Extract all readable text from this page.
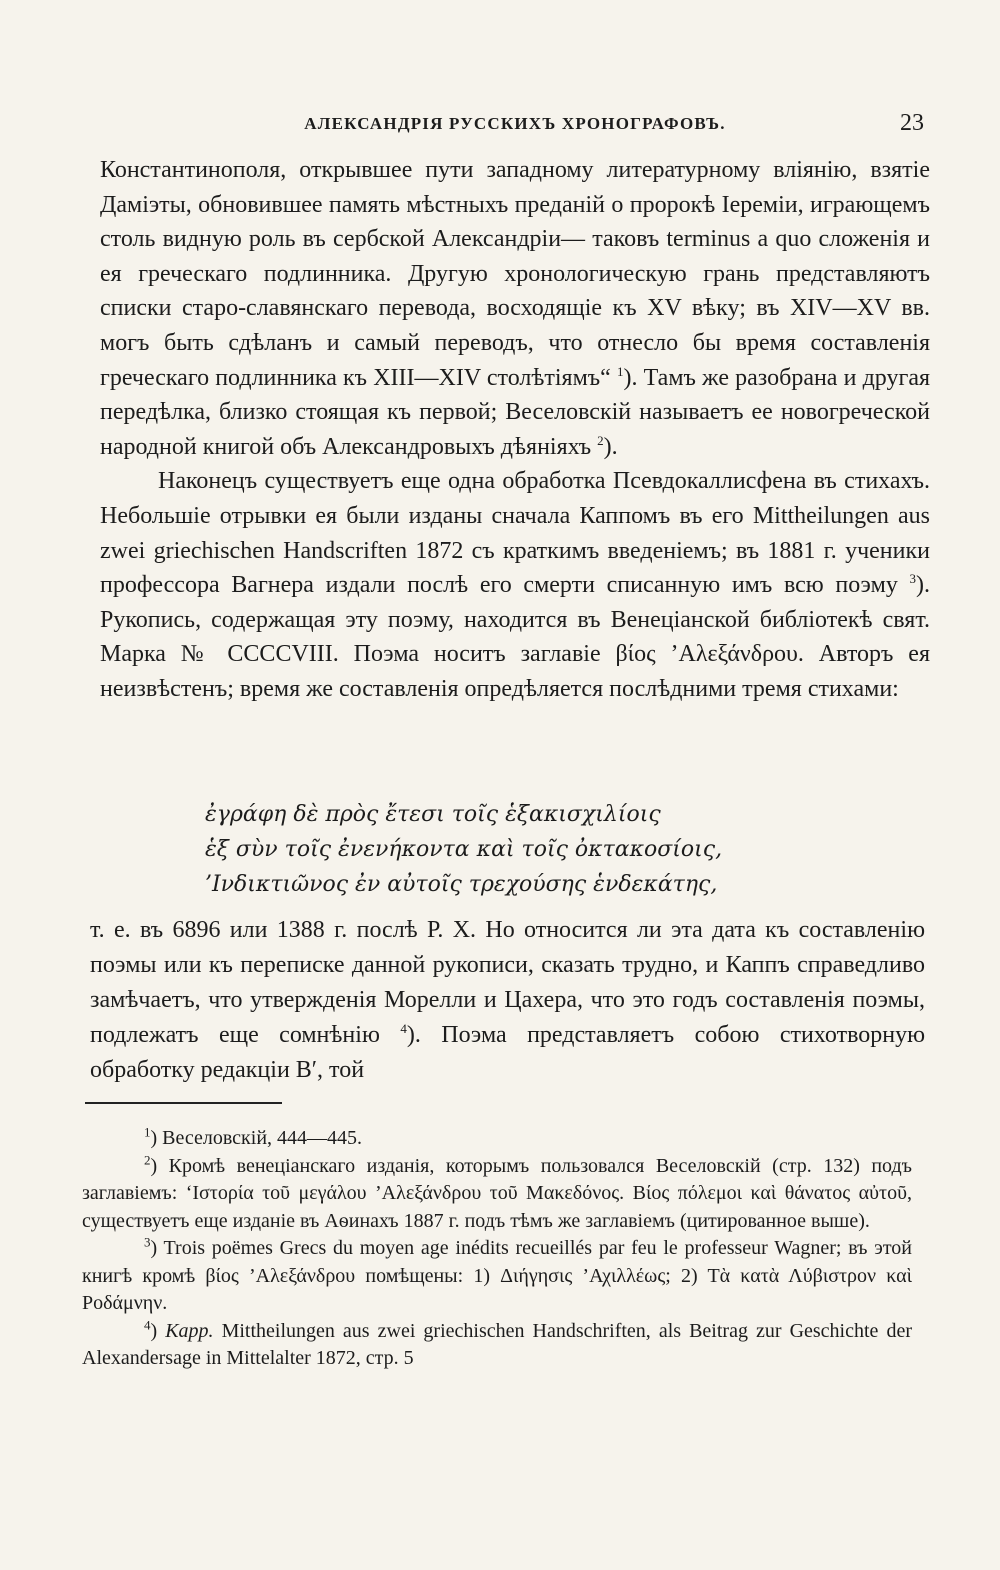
АЛЕКСАНДРІЯ РУССКИХЪ ХРОНОГРАФОВЪ.	23

Константинополя, открывшее пути западному литературному вліянію, взятіе Даміэты, обновившее память мѣстныхъ преданій о пророкѣ Іереміи, играющемъ столь видную роль въ сербской Александріи— таковъ terminus a quo сложенія и ея греческаго подлинника. Другую хронологическую грань представляютъ списки старо-славянскаго перевода, восходящіе къ XV вѣку; въ XIV—XV вв. могъ быть сдѣланъ и самый переводъ, что отнесло бы время составленія греческаго подлинника къ XIII—XIV столѣтіямъ“ $^1$). Тамъ же разобрана и другая передѣлка, близко стоящая къ первой; Веселовскій называетъ ее новогреческой народной книгой объ Александровыхъ дѣяніяхъ $^2$).

Наконецъ существуетъ еще одна обработка Псевдокаллисфена въ стихахъ. Небольшіе отрывки ея были изданы сначала Каппомъ въ его Mittheilungen aus zwei griechischen Handscriften 1872 съ краткимъ введеніемъ; въ 1881 г. ученики профессора Вагнера издали послѣ его смерти списанную имъ всю поэму $^3$). Рукопись, содержащая эту поэму, находится въ Венеціанской библіотекѣ свят. Марка № CCCCVIII. Поэма носитъ заглавіе βίος ’Αλεξάνδρου. Авторъ ея неизвѣстенъ; время же составленія опредѣляется послѣдними тремя стихами:

ἐγράφη δὲ πρὸς ἔτεσι τοῖς ἑξακισχιλίοις
ἑξ σὺν τοῖς ἐνενήκοντα καὶ τοῖς ὀκτακοσίοις,
’Ινδικτιῶνος ἐν αὐτοῖς τρεχούσης ἑνδεκάτης,

т. е. въ 6896 или 1388 г. послѣ Р. X. Но относится ли эта дата къ составленію поэмы или къ переписке данной рукописи, сказать трудно, и Каппъ справедливо замѣчаетъ, что утвержденія Морелли и Цахера, что это годъ составленія поэмы, подлежатъ еще сомнѣнію $^4$). Поэма представляетъ собою стихотворную обработку редакціи B′, той

$^1$) Веселовскій, 444—445.

$^2$) Кромѣ венеціанскаго изданія, которымъ пользовался Веселовскій (стр. 132) подъ заглавіемъ: ‘Ιστορία τοῦ μεγάλου ’Αλεξάνδρου τοῦ Μακεδόνος. Βίος πόλεμοι καὶ θάνατος αὐτοῦ, существуетъ еще изданіе въ Аѳинахъ 1887 г. подъ тѣмъ же заглавіемъ (цитированное выше).

$^3$) Trois poëmes Grecs du moyen age inédits recueillés par feu le professeur Wagner; въ этой книгѣ кромѣ βίος ’Αλεξάνδρου помѣщены: 1) Διήγησις ’Αχιλλέως; 2) Τὰ κατὰ Λύβιστρον καὶ Ροδάμνην.

$^4$) Kapp. Mittheilungen aus zwei griechischen Handschriften, als Beitrag zur Geschichte der Alexandersage in Mittelalter 1872, стр. 5
